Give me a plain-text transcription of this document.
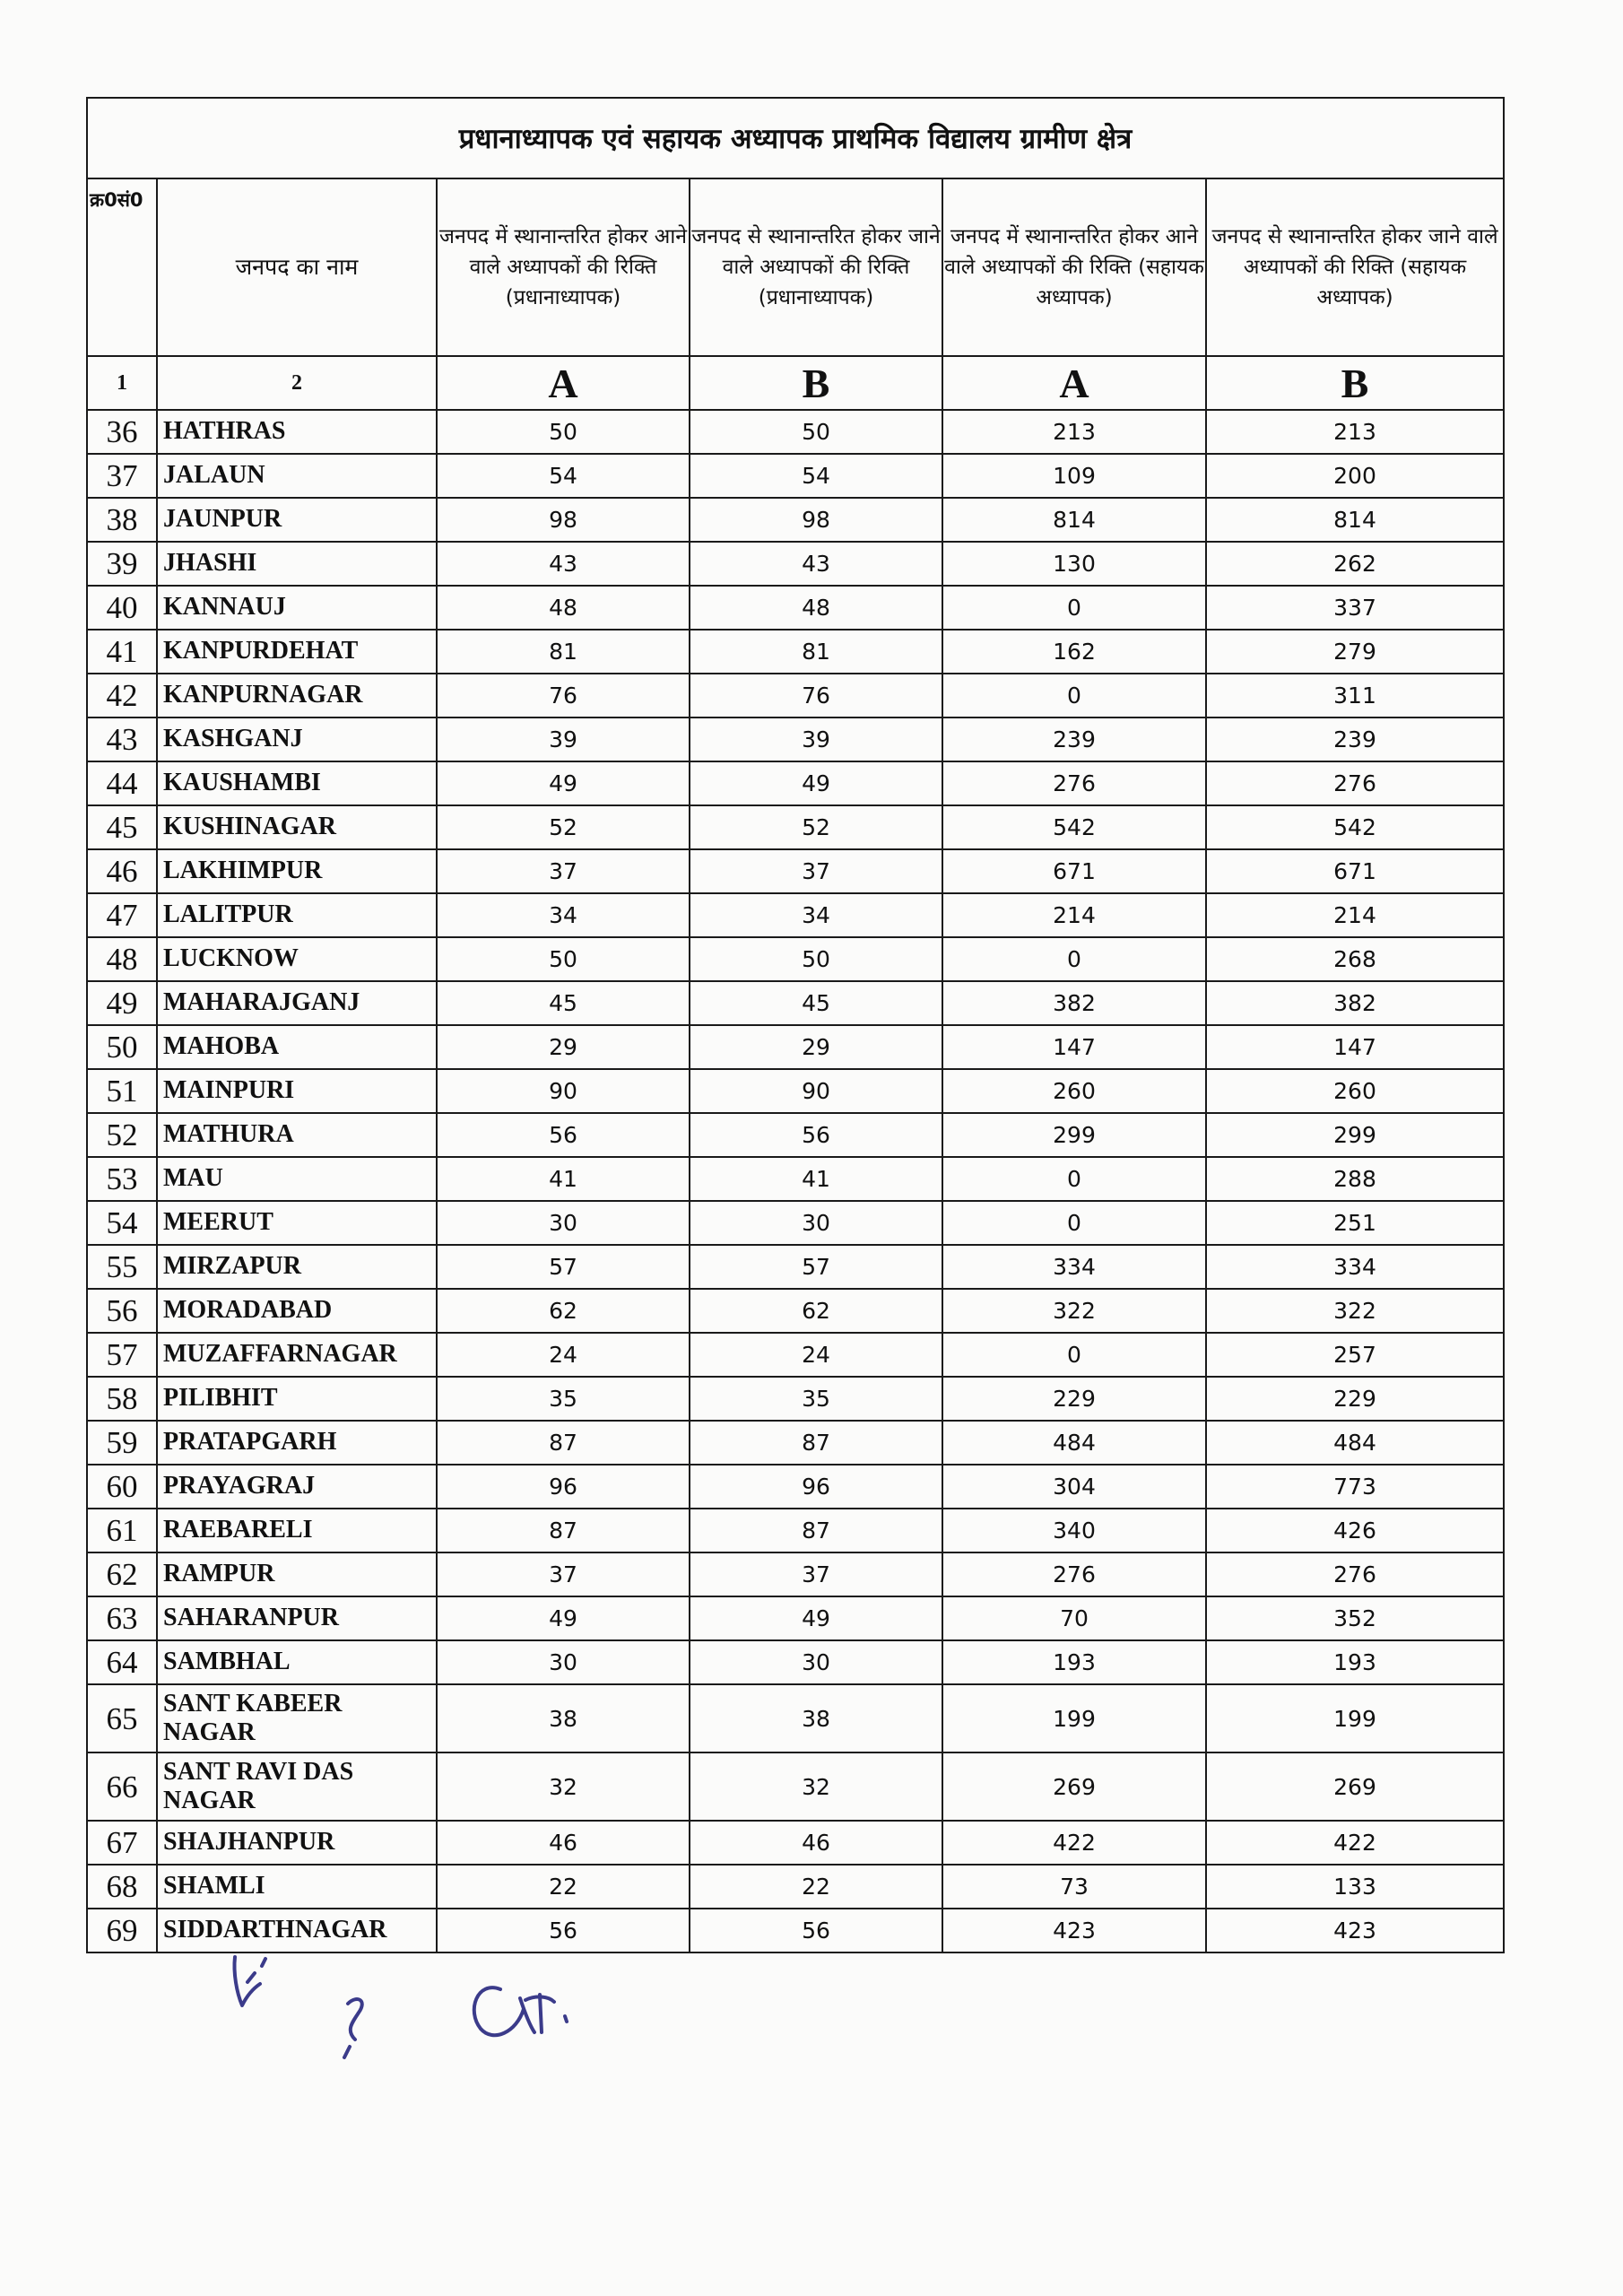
प्रधानाध्यापक एवं सहायक अध्यापक प्राथमिक विद्यालय ग्रामीण क्षेत्र					
क्र0सं0	जनपद का नाम	जनपद में स्थानान्तरित होकर आने वाले अध्यापकों की रिक्ति (प्रधानाध्यापक)	जनपद से स्थानान्तरित होकर जाने वाले अध्यापकों की रिक्ति (प्रधानाध्यापक)	जनपद में स्थानान्तरित होकर आने वाले अध्यापकों की रिक्ति (सहायक अध्यापक)	जनपद से स्थानान्तरित होकर जाने वाले अध्यापकों की रिक्ति (सहायक अध्यापक)
1	2	A	B	A	B
36	HATHRAS	50	50	213	213
37	JALAUN	54	54	109	200
38	JAUNPUR	98	98	814	814
39	JHASHI	43	43	130	262
40	KANNAUJ	48	48	0	337
41	KANPURDEHAT	81	81	162	279
42	KANPURNAGAR	76	76	0	311
43	KASHGANJ	39	39	239	239
44	KAUSHAMBI	49	49	276	276
45	KUSHINAGAR	52	52	542	542
46	LAKHIMPUR	37	37	671	671
47	LALITPUR	34	34	214	214
48	LUCKNOW	50	50	0	268
49	MAHARAJGANJ	45	45	382	382
50	MAHOBA	29	29	147	147
51	MAINPURI	90	90	260	260
52	MATHURA	56	56	299	299
53	MAU	41	41	0	288
54	MEERUT	30	30	0	251
55	MIRZAPUR	57	57	334	334
56	MORADABAD	62	62	322	322
57	MUZAFFARNAGAR	24	24	0	257
58	PILIBHIT	35	35	229	229
59	PRATAPGARH	87	87	484	484
60	PRAYAGRAJ	96	96	304	773
61	RAEBARELI	87	87	340	426
62	RAMPUR	37	37	276	276
63	SAHARANPUR	49	49	70	352
64	SAMBHAL	30	30	193	193
65	SANT KABEER NAGAR	38	38	199	199
66	SANT RAVI DAS NAGAR	32	32	269	269
67	SHAJHANPUR	46	46	422	422
68	SHAMLI	22	22	73	133
69	SIDDARTHNAGAR	56	56	423	423
